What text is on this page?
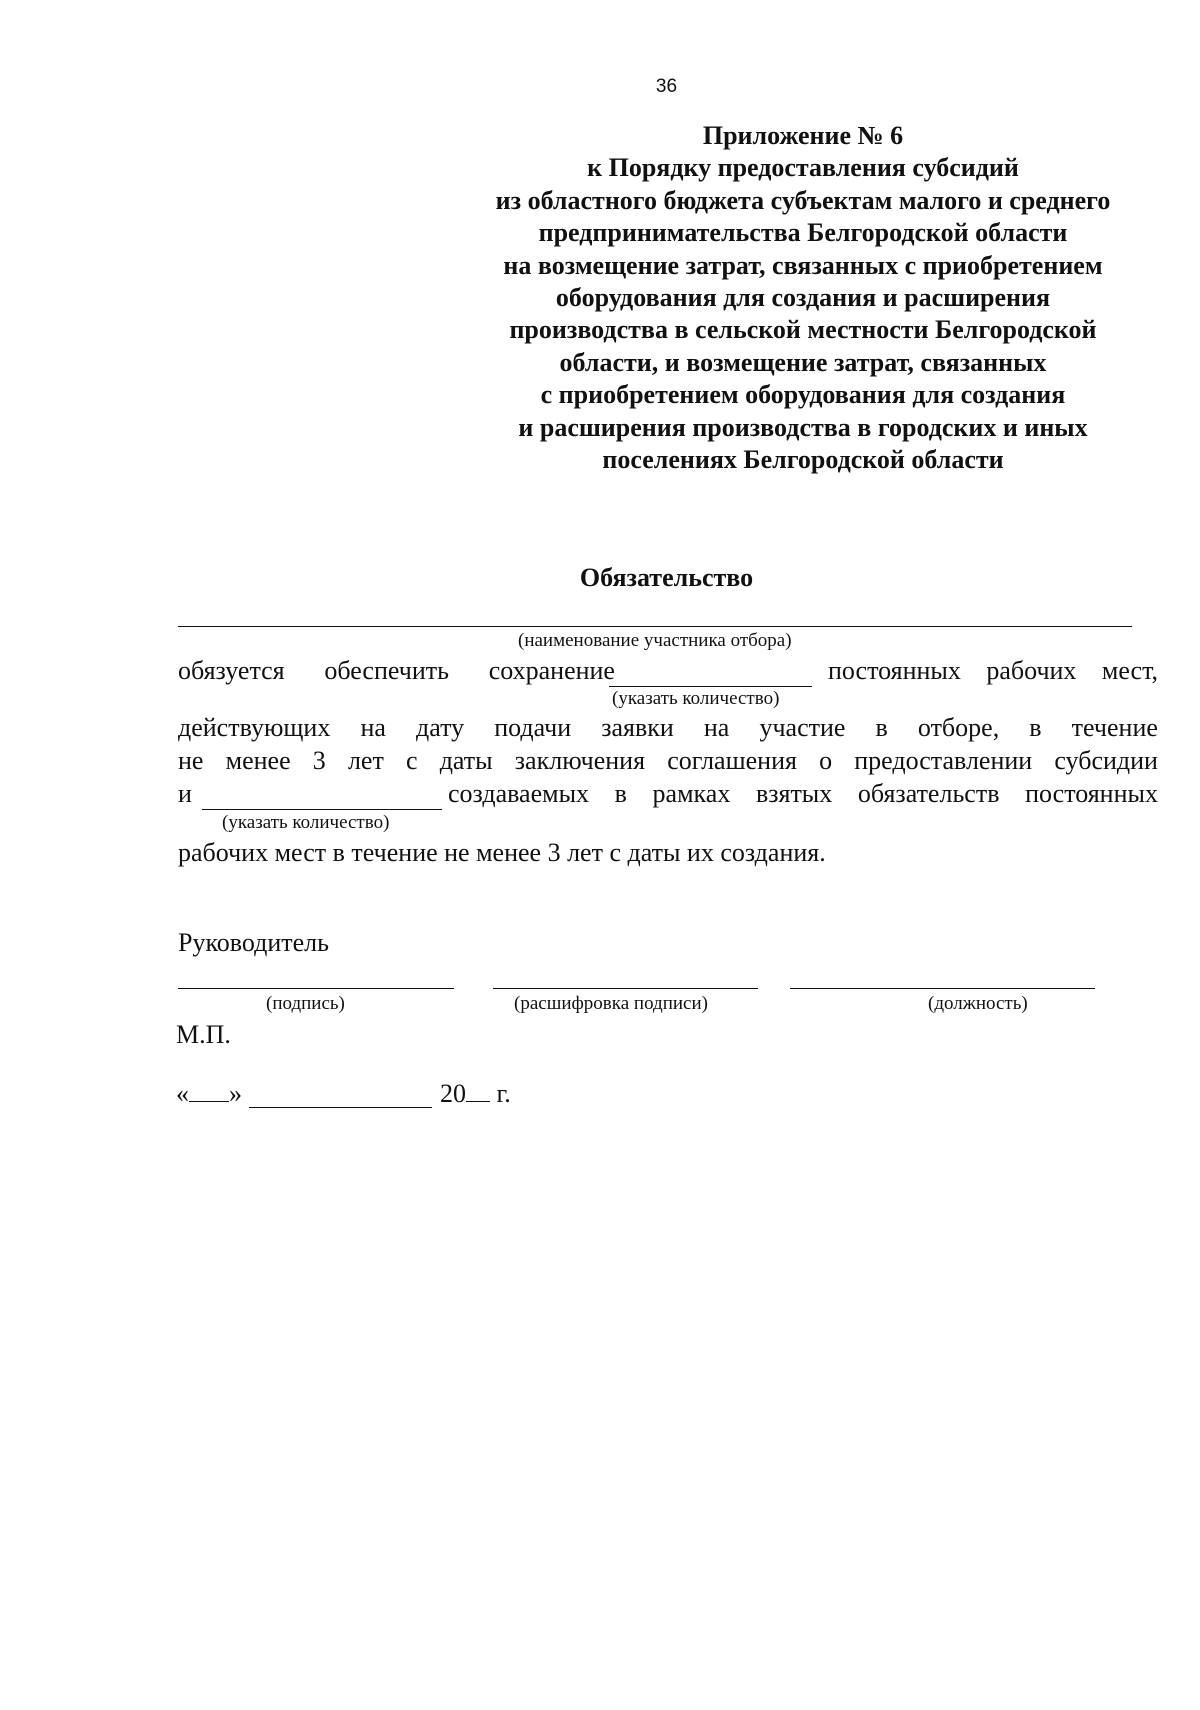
36
Приложение № 6
к Порядку предоставления субсидий
из областного бюджета субъектам малого и среднего
предпринимательства Белгородской области
на возмещение затрат, связанных с приобретением
оборудования для создания и расширения
производства в сельской местности Белгородской
области, и возмещение затрат, связанных
с приобретением оборудования для создания
и расширения производства в городских и иных
поселениях Белгородской области
Обязательство
(наименование участника отбора)
обязуется обеспечить сохранение	постоянных рабочих мест,
(указать количество)
действующих на дату подачи заявки на участие в отборе, в течение
не менее 3 лет с даты заключения соглашения о предоставлении субсидии
и	создаваемых в рамках взятых обязательств постоянных
(указать количество)
рабочих мест в течение не менее 3 лет с даты их создания.
Руководитель
(подпись)	(расшифровка подписи)	(должность)
М.П.
« »	20 г.
